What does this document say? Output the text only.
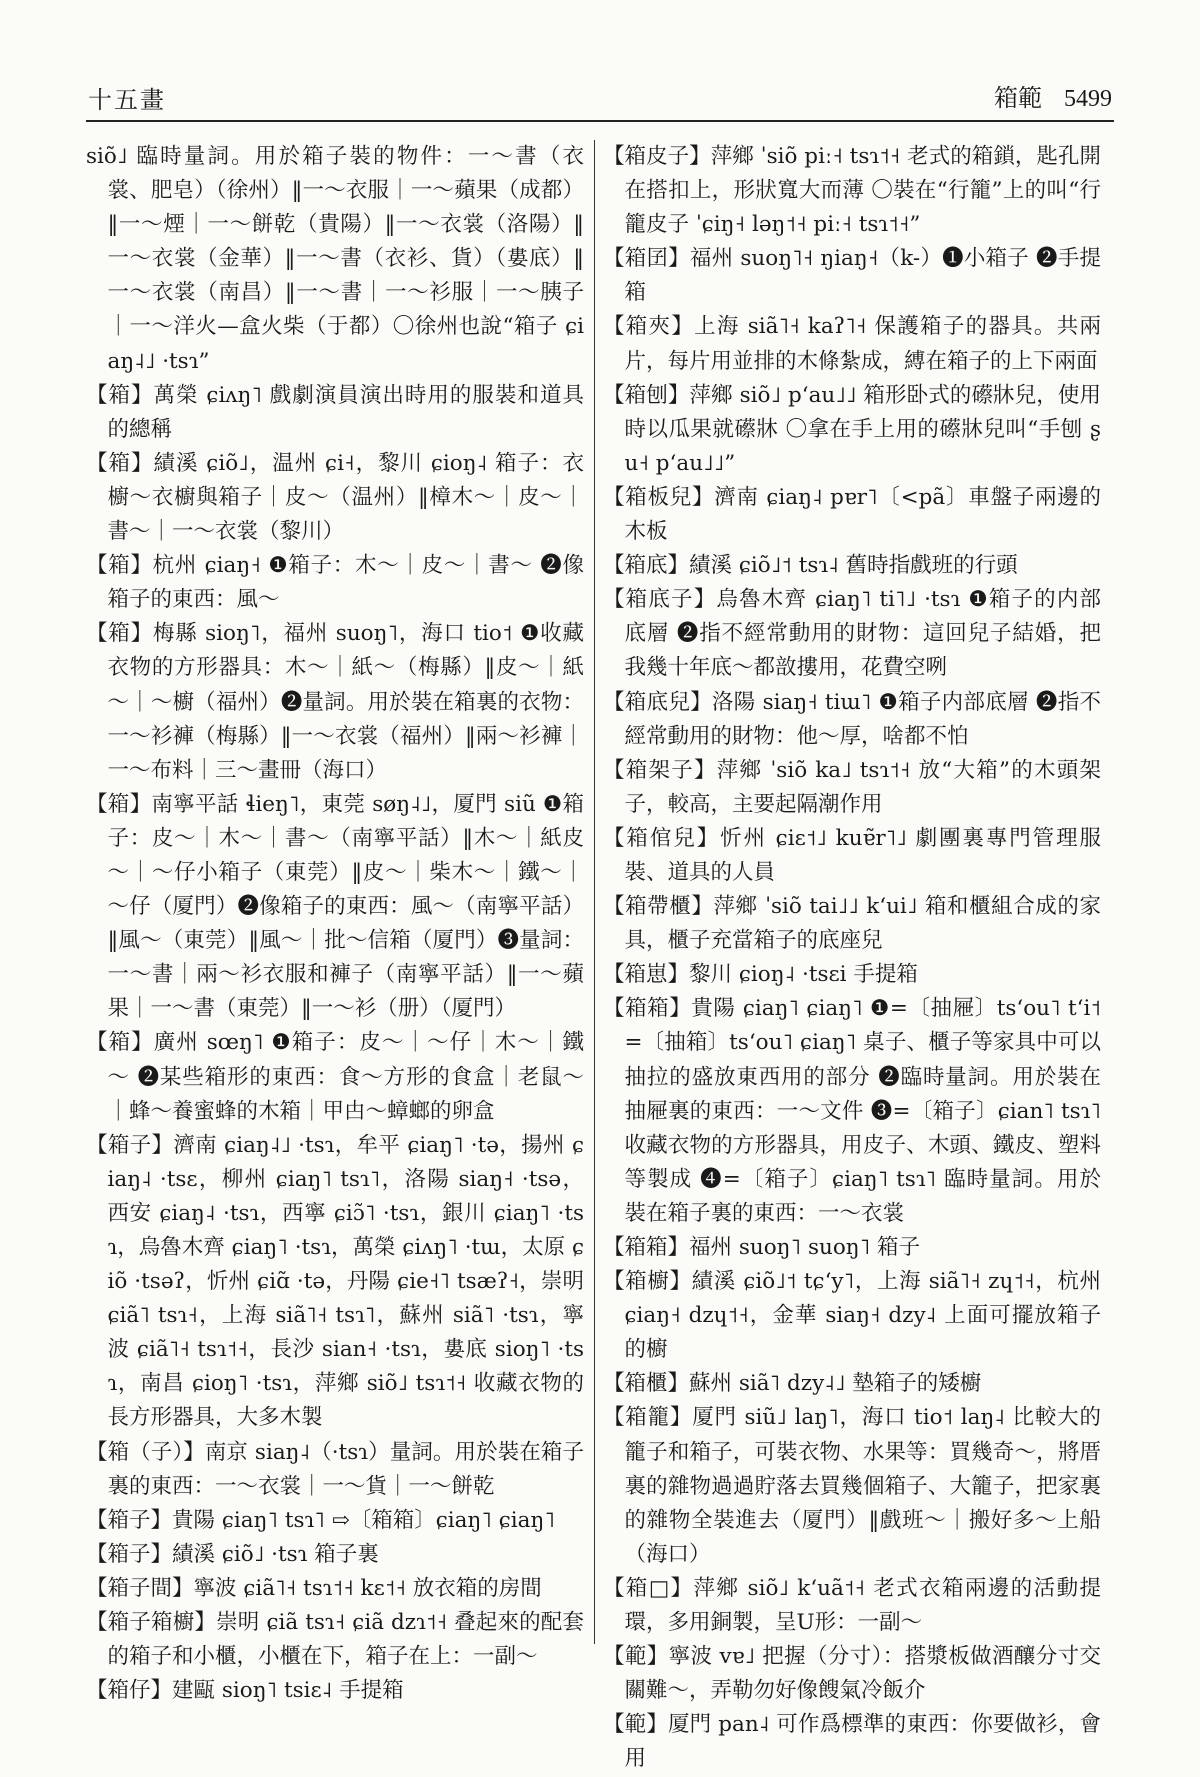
十五畫	箱範 5499

siõ˩ 臨時量詞。用於箱子裝的物件：一～書（衣裳、肥皂）（徐州）‖一～衣服｜一～蘋果（成都）‖一～煙｜一～餅乾（貴陽）‖一～衣裳（洛陽）‖一～衣裳（金華）‖一～書（衣衫、貨）（婁底）‖一～衣裳（南昌）‖一～書｜一～衫服｜一～胰子｜一～洋火—盒火柴（于都）〇徐州也說“箱子 ɕiaŋ˨˩ ·tsɿ”

【箱】萬榮 ɕiʌŋ˥ 戲劇演員演出時用的服裝和道具的總稱

【箱】績溪 ɕiõ˩，温州 ɕi˧，黎川 ɕioŋ˨ 箱子：衣櫥～衣櫥與箱子｜皮～（温州）‖樟木～｜皮～｜書～｜一～衣裳（黎川）

【箱】杭州 ɕiaŋ˧ ❶箱子：木～｜皮～｜書～ ❷像箱子的東西：風～

【箱】梅縣 sioŋ˥，福州 suoŋ˥，海口 tio˦ ❶收藏衣物的方形器具：木～｜紙～（梅縣）‖皮～｜紙～｜～櫥（福州）❷量詞。用於裝在箱裏的衣物：一～衫褲（梅縣）‖一～衣裳（福州）‖兩～衫褲｜一～布料｜三～畫冊（海口）

【箱】南寧平話 ɬieŋ˥，東莞 søŋ˨˩，厦門 siũ ❶箱子：皮～｜木～｜書～（南寧平話）‖木～｜紙皮～｜～仔小箱子（東莞）‖皮～｜柴木～｜鐵～｜～仔（厦門）❷像箱子的東西：風～（南寧平話）‖風～（東莞）‖風～｜批～信箱（厦門）❸量詞：一～書｜兩～衫衣服和褲子（南寧平話）‖一～蘋果｜一～書（東莞）‖一～衫（册）（厦門）

【箱】廣州 sœŋ˥ ❶箱子：皮～｜～仔｜木～｜鐵～ ❷某些箱形的東西：食～方形的食盒｜老鼠～｜蜂～養蜜蜂的木箱｜甲甴～蟑螂的卵盒

【箱子】濟南 ɕiaŋ˨˩ ·tsɿ，牟平 ɕiaŋ˥ ·tə，揚州 ɕiaŋ˨ ·tsɛ，柳州 ɕiaŋ˥ tsɿ˥，洛陽 siaŋ˧ ·tsə，西安 ɕiaŋ˨ ·tsɿ，西寧 ɕiɔ̃˥ ·tsɿ，銀川 ɕiaŋ˥ ·tsɿ，烏魯木齊 ɕiaŋ˥ ·tsɿ，萬榮 ɕiʌŋ˥ ·tɯ，太原 ɕiõ ·tsəʔ，忻州 ɕiɑ̃ ·tə，丹陽 ɕie˧˥ tsæʔ˧，崇明 ɕiã˥ tsɿ˧，上海 siã˥˧ tsɿ˥，蘇州 siã˥ ·tsɿ，寧波 ɕiã˥˧ tsɿ˦˧，長沙 sian˧ ·tsɿ，婁底 sioŋ˥ ·tsɿ，南昌 ɕioŋ˥ ·tsɿ，萍鄉 siõ˩ tsɿ˦˧ 收藏衣物的長方形器具，大多木製

【箱（子）】南京 siaŋ˨（·tsɿ）量詞。用於裝在箱子裏的東西：一～衣裳｜一～貨｜一～餅乾

【箱子】貴陽 ɕiaŋ˥ tsɿ˥ ⇨〔箱箱〕ɕiaŋ˥ ɕiaŋ˥

【箱子】績溪 ɕiõ˩ ·tsɿ 箱子裏

【箱子間】寧波 ɕiã˥˧ tsɿ˦˧ kɛ˦˧ 放衣箱的房間

【箱子箱櫥】崇明 ɕiã tsɿ˧ ɕiã dzɿ˦˧ 叠起來的配套的箱子和小櫃，小櫃在下，箱子在上：一副～

【箱仔】建甌 sioŋ˥ tsiɛ˨ 手提箱

【箱皮子】萍鄉 ˈsiõ piː˧ tsɿ˦˧ 老式的箱鎖，匙孔開在搭扣上，形狀寬大而薄 〇裝在“行籠”上的叫“行籠皮子 ˈɕiŋ˧ ləŋ˦˧ piː˧ tsɿ˦˧”

【箱囝】福州 suoŋ˥˧ ŋiaŋ˧（k-）❶小箱子 ❷手提箱

【箱夾】上海 siã˥˧ kaʔ˥˧ 保護箱子的器具。共兩片，每片用並排的木條紮成，縛在箱子的上下兩面

【箱刨】萍鄉 siõ˩ pʻau˩˩ 箱形卧式的礤牀兒，使用時以瓜果就礤牀 〇拿在手上用的礤牀兒叫“手刨 ʂu˧ pʻau˩˩”

【箱板兒】濟南 ɕiaŋ˨ pɐr˥〔<pã〕車盤子兩邊的木板

【箱底】績溪 ɕiõ˩˦ tsɿ˨ 舊時指戲班的行頭

【箱底子】烏魯木齊 ɕiaŋ˥ ti˥˩ ·tsɿ ❶箱子的内部底層 ❷指不經常動用的財物：這回兒子結婚，把我幾十年底～都敨摟用，花費空咧

【箱底兒】洛陽 siaŋ˧ tiɯ˥ ❶箱子内部底層 ❷指不經常動用的財物：他～厚，啥都不怕

【箱架子】萍鄉 ˈsiõ ka˩ tsɿ˦˧ 放“大箱”的木頭架子，較高，主要起隔潮作用

【箱倌兒】忻州 ɕiɛ˦˩ kuɐ̃r˥˩ 劇團裏專門管理服裝、道具的人員

【箱帶櫃】萍鄉 ˈsiõ tai˩˩ kʻui˩ 箱和櫃組合成的家具，櫃子充當箱子的底座兒

【箱崽】黎川 ɕioŋ˨ ·tsɛi 手提箱

【箱箱】貴陽 ɕiaŋ˥ ɕiaŋ˥ ❶=〔抽屜〕tsʻou˥ tʻi˦ =〔抽箱〕tsʻou˥ ɕiaŋ˥ 桌子、櫃子等家具中可以抽拉的盛放東西用的部分 ❷臨時量詞。用於裝在抽屜裏的東西：一～文件 ❸=〔箱子〕ɕian˥ tsɿ˥ 收藏衣物的方形器具，用皮子、木頭、鐵皮、塑料等製成 ❹=〔箱子〕ɕiaŋ˥ tsɿ˥ 臨時量詞。用於裝在箱子裏的東西：一～衣裳

【箱箱】福州 suoŋ˥ suoŋ˥ 箱子

【箱櫥】績溪 ɕiõ˩˦ tɕʻy˥，上海 siã˥˧ zɥ˦˧，杭州 ɕiaŋ˧ dzɥ˦˧，金華 siaŋ˧ dzy˨ 上面可擺放箱子的櫥

【箱櫃】蘇州 siã˥ dzy˨˩ 墊箱子的矮櫥

【箱籠】厦門 siũ˩ laŋ˥，海口 tio˦ laŋ˨ 比較大的籠子和箱子，可裝衣物、水果等：買幾奇～，將厝裏的雜物過過貯落去買幾個箱子、大籠子，把家裏的雜物全裝進去（厦門）‖戲班～｜搬好多～上船（海口）

【箱□】萍鄉 siõ˩ kʻuã˦˧ 老式衣箱兩邊的活動提環，多用銅製，呈U形：一副～

【範】寧波 vɐ˩ 把握（分寸）：搭漿板做酒釀分寸交關難～，弄勒勿好像餿氣冷飯介

【範】厦門 pan˨ 可作爲標準的東西：你要做衫，會用
